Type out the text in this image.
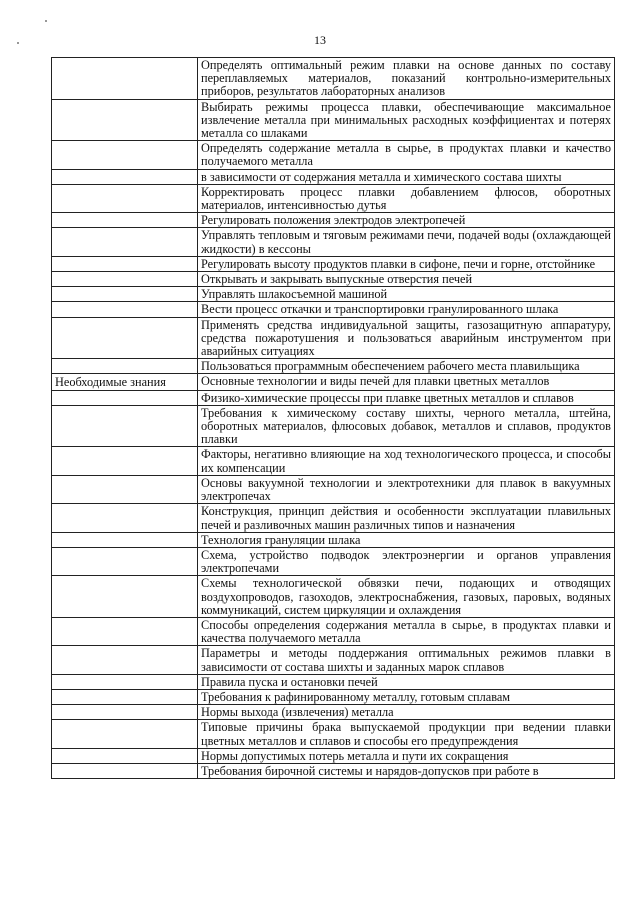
13
	Определять оптимальный режим плавки на основе данных по составу переплавляемых материалов, показаний контрольно-измерительных приборов, результатов лабораторных анализов
	Выбирать режимы процесса плавки, обеспечивающие максимальное извлечение металла при минимальных расходных коэффициентах и потерях металла со шлаками
	Определять содержание металла в сырье, в продуктах плавки и качество получаемого металла
	в зависимости от содержания металла и химического состава шихты
	Корректировать процесс плавки добавлением флюсов, оборотных материалов, интенсивностью дутья
	Регулировать положения электродов электропечей
	Управлять тепловым и тяговым режимами печи, подачей воды (охлаждающей жидкости) в кессоны
	Регулировать высоту продуктов плавки в сифоне, печи и горне, отстойнике
	Открывать и закрывать выпускные отверстия печей
	Управлять шлакосъемной машиной
	Вести процесс откачки и транспортировки гранулированного шлака
	Применять средства индивидуальной защиты, газозащитную аппаратуру, средства пожаротушения и пользоваться аварийным инструментом при аварийных ситуациях
	Пользоваться программным обеспечением рабочего места плавильщика
Необходимые знания	Основные технологии и виды печей для плавки цветных металлов
	Физико-химические процессы при плавке цветных металлов и сплавов
	Требования к химическому составу шихты, черного металла, штейна, оборотных материалов, флюсовых добавок, металлов и сплавов, продуктов плавки
	Факторы, негативно влияющие на ход технологического процесса, и способы их компенсации
	Основы вакуумной технологии и электротехники для плавок в вакуумных электропечах
	Конструкция, принцип действия и особенности эксплуатации плавильных печей и разливочных машин различных типов и назначения
	Технология грануляции шлака
	Схема, устройство подводок электроэнергии и органов управления электропечами
	Схемы технологической обвязки печи, подающих и отводящих воздухопроводов, газоходов, электроснабжения, газовых, паровых, водяных коммуникаций, систем циркуляции и охлаждения
	Способы определения содержания металла в сырье, в продуктах плавки и качества получаемого металла
	Параметры и методы поддержания оптимальных режимов плавки в зависимости от состава шихты и заданных марок сплавов
	Правила пуска и остановки печей
	Требования к рафинированному металлу, готовым сплавам
	Нормы выхода (извлечения) металла
	Типовые причины брака выпускаемой продукции при ведении плавки цветных металлов и сплавов и способы его предупреждения
	Нормы допустимых потерь металла и пути их сокращения
	Требования бирочной системы и нарядов-допусков при работе в
